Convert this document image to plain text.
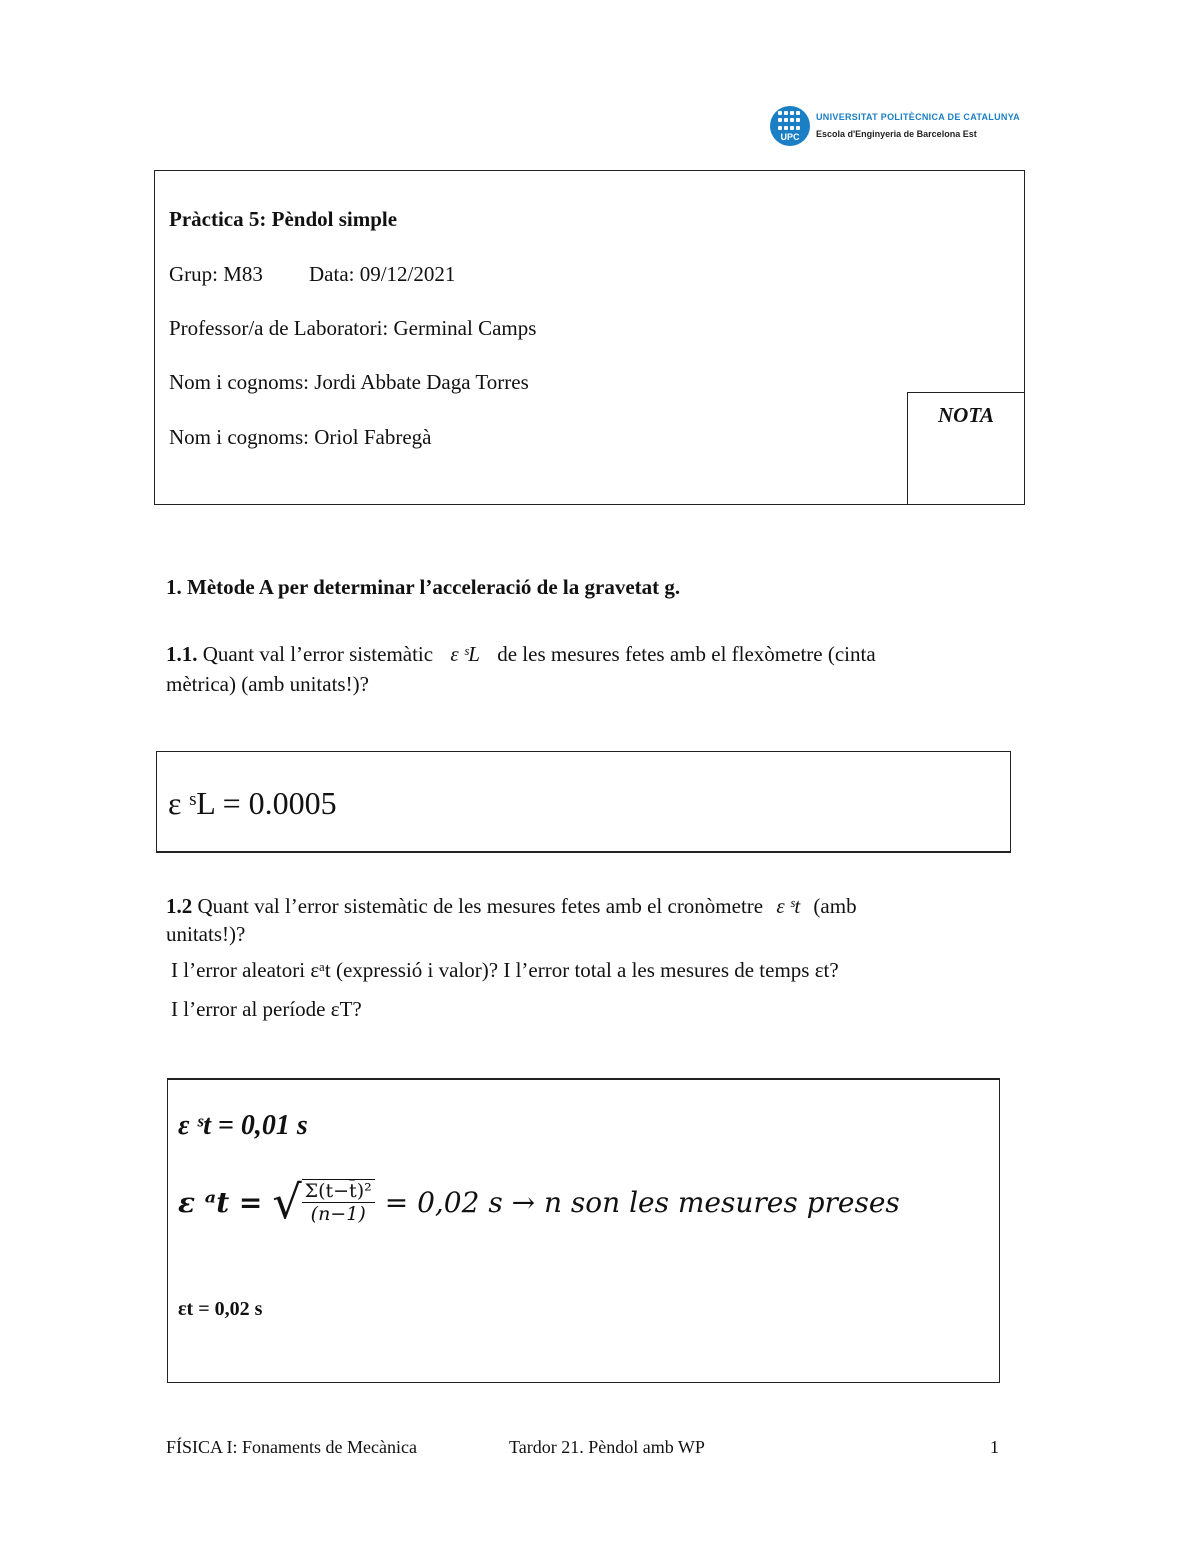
UPC
UNIVERSITAT POLITÈCNICA DE CATALUNYA
Escola d'Enginyeria de Barcelona Est
NOTA
Pràctica 5: Pèndol simple
Grup: M83 Data: 09/12/2021
Professor/a de Laboratori: Germinal Camps
Nom i cognoms: Jordi Abbate Daga Torres
Nom i cognoms: Oriol Fabregà
1. Mètode A per determinar l’acceleració de la gravetat g.
1.1. Quant val l’error sistemàtic ε ˢL de les mesures fetes amb el flexòmetre (cinta
mètrica) (amb unitats!)?
ε ˢL = 0.0005
1.2 Quant val l’error sistemàtic de les mesures fetes amb el cronòmetre ε ˢt (amb
unitats!)?
I l’error aleatori εᵃt (expressió i valor)? I l’error total a les mesures de temps εt?
I l’error al període εT?
ε ˢt = 0,01 s
ε ᵃt = √ $\frac{\text{Σ(t−t̄)²}}{(n-1)} = 0,02$ s → n son les mesures preses
εt = 0,02 s
FÍSICA I: Fonaments de Mecànica	Tardor 21. Pèndol amb WP	1
